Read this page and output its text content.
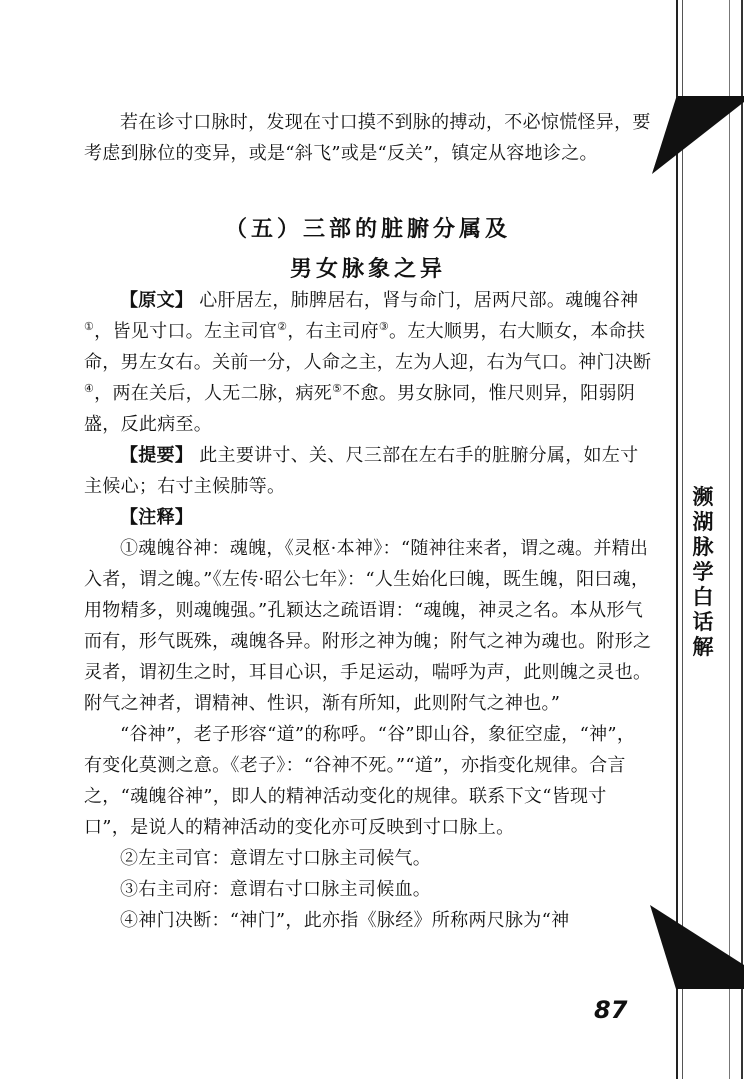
濒
湖
脉
学
白
话
解

若在诊寸口脉时，发现在寸口摸不到脉的搏动，不必惊慌怪异，要考虑到脉位的变异，或是“斜飞”或是“反关”，镇定从容地诊之。

（五）三部的脏腑分属及
男女脉象之异

【原文】 心肝居左，肺脾居右，肾与命门，居两尺部。魂魄谷神①，皆见寸口。左主司官②，右主司府③。左大顺男，右大顺女，本命扶命，男左女右。关前一分，人命之主，左为人迎，右为气口。神门决断④，两在关后，人无二脉，病死⑤不愈。男女脉同，惟尺则异，阳弱阴盛，反此病至。

【提要】 此主要讲寸、关、尺三部在左右手的脏腑分属，如左寸主候心；右寸主候肺等。

【注释】

①魂魄谷神：魂魄，《灵枢·本神》：“随神往来者，谓之魂。并精出入者，谓之魄。”《左传·昭公七年》：“人生始化曰魄，既生魄，阳曰魂，用物精多，则魂魄强。”孔颖达之疏语谓：“魂魄，神灵之名。本从形气而有，形气既殊，魂魄各异。附形之神为魄；附气之神为魂也。附形之灵者，谓初生之时，耳目心识，手足运动，喘呼为声，此则魄之灵也。附气之神者，谓精神、性识，渐有所知，此则附气之神也。”

“谷神”，老子形容“道”的称呼。“谷”即山谷，象征空虚，“神”，有变化莫测之意。《老子》：“谷神不死。”“道”，亦指变化规律。合言之，“魂魄谷神”，即人的精神活动变化的规律。联系下文“皆现寸口”，是说人的精神活动的变化亦可反映到寸口脉上。

②左主司官：意谓左寸口脉主司候气。

③右主司府：意谓右寸口脉主司候血。

④神门决断：“神门”，此亦指《脉经》所称两尺脉为“神

87
